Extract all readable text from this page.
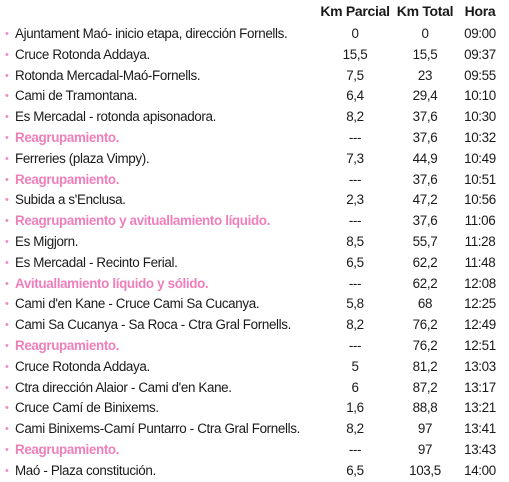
Km Parcial Km Total Hora
• Ajuntament Maó- inicio etapa, dirección Fornells.	0	0	09:00
• Cruce Rotonda Addaya.	15,5	15,5	09:37
• Rotonda Mercadal-Maó-Fornells.	7,5	23	09:55
• Cami de Tramontana.	6,4	29,4	10:10
• Es Mercadal - rotonda apisonadora.	8,2	37,6	10:30
• Reagrupamiento.	---	37,6	10:32
• Ferreries (plaza Vimpy).	7,3	44,9	10:49
• Reagrupamiento.	---	37,6	10:51
• Subida a s'Enclusa.	2,3	47,2	10:56
• Reagrupamiento y avituallamiento líquido.	---	37,6	11:06
• Es Migjorn.	8,5	55,7	11:28
• Es Mercadal - Recinto Ferial.	6,5	62,2	11:48
• Avituallamiento líquido y sólido.	---	62,2	12:08
• Cami d'en Kane - Cruce Cami Sa Cucanya.	5,8	68	12:25
• Cami Sa Cucanya - Sa Roca - Ctra Gral Fornells.	8,2	76,2	12:49
• Reagrupamiento.	---	76,2	12:51
• Cruce Rotonda Addaya.	5	81,2	13:03
• Ctra dirección Alaior - Cami d'en Kane.	6	87,2	13:17
• Cruce Camí de Binixems.	1,6	88,8	13:21
• Cami Binixems-Camí Puntarro - Ctra Gral Fornells.	8,2	97	13:41
• Reagrupamiento.	---	97	13:43
• Maó - Plaza constitución.	6,5	103,5	14:00
